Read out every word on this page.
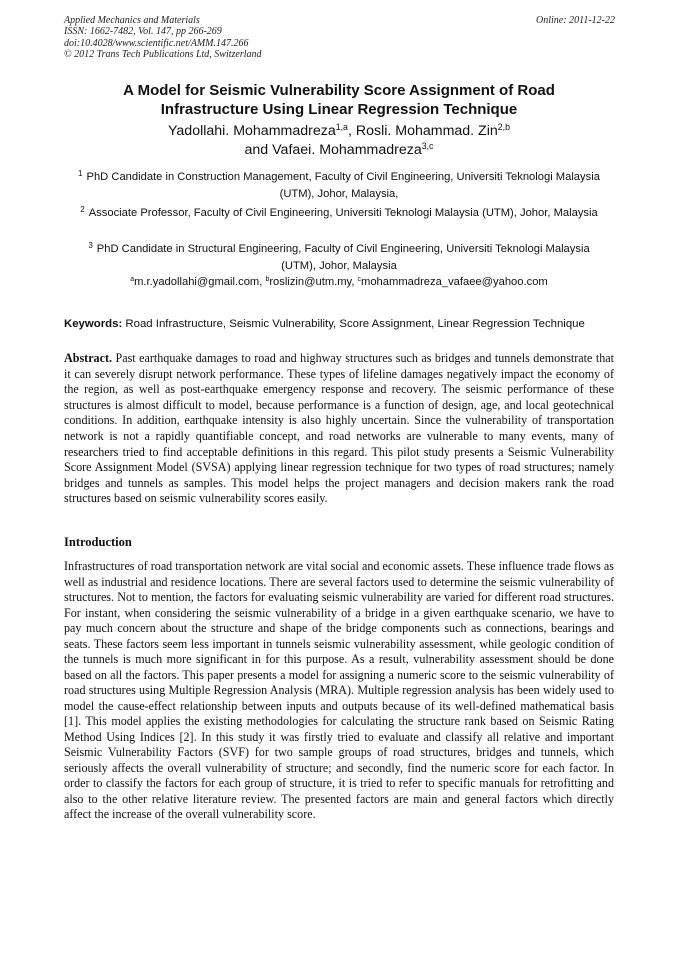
Applied Mechanics and Materials
ISSN: 1662-7482, Vol. 147, pp 266-269
doi:10.4028/www.scientific.net/AMM.147.266
© 2012 Trans Tech Publications Ltd, Switzerland
Online: 2011-12-22
A Model for Seismic Vulnerability Score Assignment of Road Infrastructure Using Linear Regression Technique
Yadollahi. Mohammadreza$^{1,a}$, Rosli. Mohammad. Zin$^{2,b}$
and Vafaei. Mohammadreza$^{3,c}$
$^1$ PhD Candidate in Construction Management, Faculty of Civil Engineering, Universiti Teknologi Malaysia (UTM), Johor, Malaysia,
$^2$ Associate Professor, Faculty of Civil Engineering, Universiti Teknologi Malaysia (UTM), Johor, Malaysia
$^3$ PhD Candidate in Structural Engineering, Faculty of Civil Engineering, Universiti Teknologi Malaysia (UTM), Johor, Malaysia
$^a$m.r.yadollahi@gmail.com, $^b$roslizin@utm.my, $^c$mohammadreza_vafaee@yahoo.com
Keywords: Road Infrastructure, Seismic Vulnerability, Score Assignment, Linear Regression Technique
Abstract. Past earthquake damages to road and highway structures such as bridges and tunnels demonstrate that it can severely disrupt network performance. These types of lifeline damages negatively impact the economy of the region, as well as post-earthquake emergency response and recovery. The seismic performance of these structures is almost difficult to model, because performance is a function of design, age, and local geotechnical conditions. In addition, earthquake intensity is also highly uncertain. Since the vulnerability of transportation network is not a rapidly quantifiable concept, and road networks are vulnerable to many events, many of researchers tried to find acceptable definitions in this regard. This pilot study presents a Seismic Vulnerability Score Assignment Model (SVSA) applying linear regression technique for two types of road structures; namely bridges and tunnels as samples. This model helps the project managers and decision makers rank the road structures based on seismic vulnerability scores easily.
Introduction
Infrastructures of road transportation network are vital social and economic assets. These influence trade flows as well as industrial and residence locations. There are several factors used to determine the seismic vulnerability of structures. Not to mention, the factors for evaluating seismic vulnerability are varied for different road structures. For instant, when considering the seismic vulnerability of a bridge in a given earthquake scenario, we have to pay much concern about the structure and shape of the bridge components such as connections, bearings and seats. These factors seem less important in tunnels seismic vulnerability assessment, while geologic condition of the tunnels is much more significant in for this purpose. As a result, vulnerability assessment should be done based on all the factors. This paper presents a model for assigning a numeric score to the seismic vulnerability of road structures using Multiple Regression Analysis (MRA). Multiple regression analysis has been widely used to model the cause-effect relationship between inputs and outputs because of its well-defined mathematical basis [1]. This model applies the existing methodologies for calculating the structure rank based on Seismic Rating Method Using Indices [2]. In this study it was firstly tried to evaluate and classify all relative and important Seismic Vulnerability Factors (SVF) for two sample groups of road structures, bridges and tunnels, which seriously affects the overall vulnerability of structure; and secondly, find the numeric score for each factor. In order to classify the factors for each group of structure, it is tried to refer to specific manuals for retrofitting and also to the other relative literature review. The presented factors are main and general factors which directly affect the increase of the overall vulnerability score.
